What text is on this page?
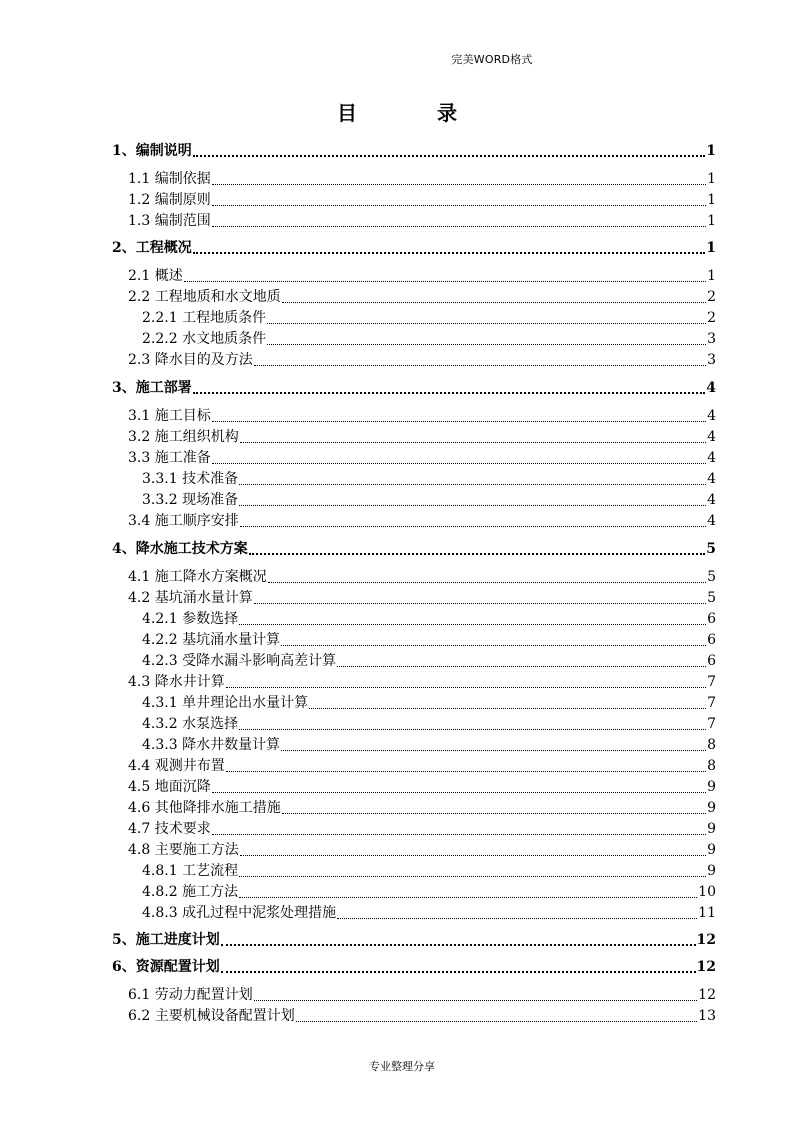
完美WORD格式
目　录
1、编制说明	1
1.1 编制依据	1
1.2 编制原则	1
1.3 编制范围	1
2、工程概况	1
2.1 概述	1
2.2 工程地质和水文地质	2
2.2.1 工程地质条件	2
2.2.2 水文地质条件	3
2.3 降水目的及方法	3
3、施工部署	4
3.1 施工目标	4
3.2 施工组织机构	4
3.3 施工准备	4
3.3.1 技术准备	4
3.3.2 现场准备	4
3.4 施工顺序安排	4
4、降水施工技术方案	5
4.1 施工降水方案概况	5
4.2 基坑涌水量计算	5
4.2.1 参数选择	6
4.2.2 基坑涌水量计算	6
4.2.3 受降水漏斗影响高差计算	6
4.3 降水井计算	7
4.3.1 单井理论出水量计算	7
4.3.2 水泵选择	7
4.3.3 降水井数量计算	8
4.4 观测井布置	8
4.5 地面沉降	9
4.6 其他降排水施工措施	9
4.7 技术要求	9
4.8 主要施工方法	9
4.8.1 工艺流程	9
4.8.2 施工方法	10
4.8.3 成孔过程中泥浆处理措施	11
5、施工进度计划	12
6、资源配置计划	12
6.1 劳动力配置计划	12
6.2 主要机械设备配置计划	13
专业整理分享
